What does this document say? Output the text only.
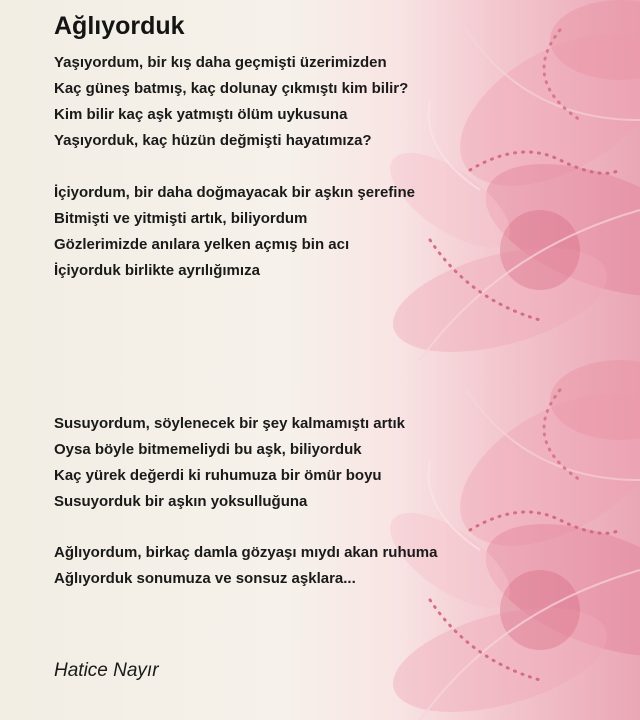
Ağlıyorduk
Yaşıyordum, bir kış daha geçmişti üzerimizden
Kaç güneş batmış, kaç dolunay çıkmıştı kim bilir?
Kim bilir kaç aşk yatmıştı ölüm uykusuna
Yaşıyorduk, kaç hüzün değmişti hayatımıza?
İçiyordum, bir daha doğmayacak bir aşkın şerefine
Bitmişti ve yitmişti artık, biliyordum
Gözlerimizde anılara yelken açmış bin acı
İçiyorduk birlikte ayrılığımıza
Susuyordum, söylenecek bir şey kalmamıştı artık
Oysa böyle bitmemeliydi bu aşk, biliyorduk
Kaç yürek değerdi ki ruhumuza bir ömür boyu
Susuyorduk bir aşkın yoksulluğuna
Ağlıyordum, birkaç damla gözyaşı mıydı akan ruhuma
Ağlıyorduk sonumuza ve sonsuz aşklara...

Hatice Nayır
